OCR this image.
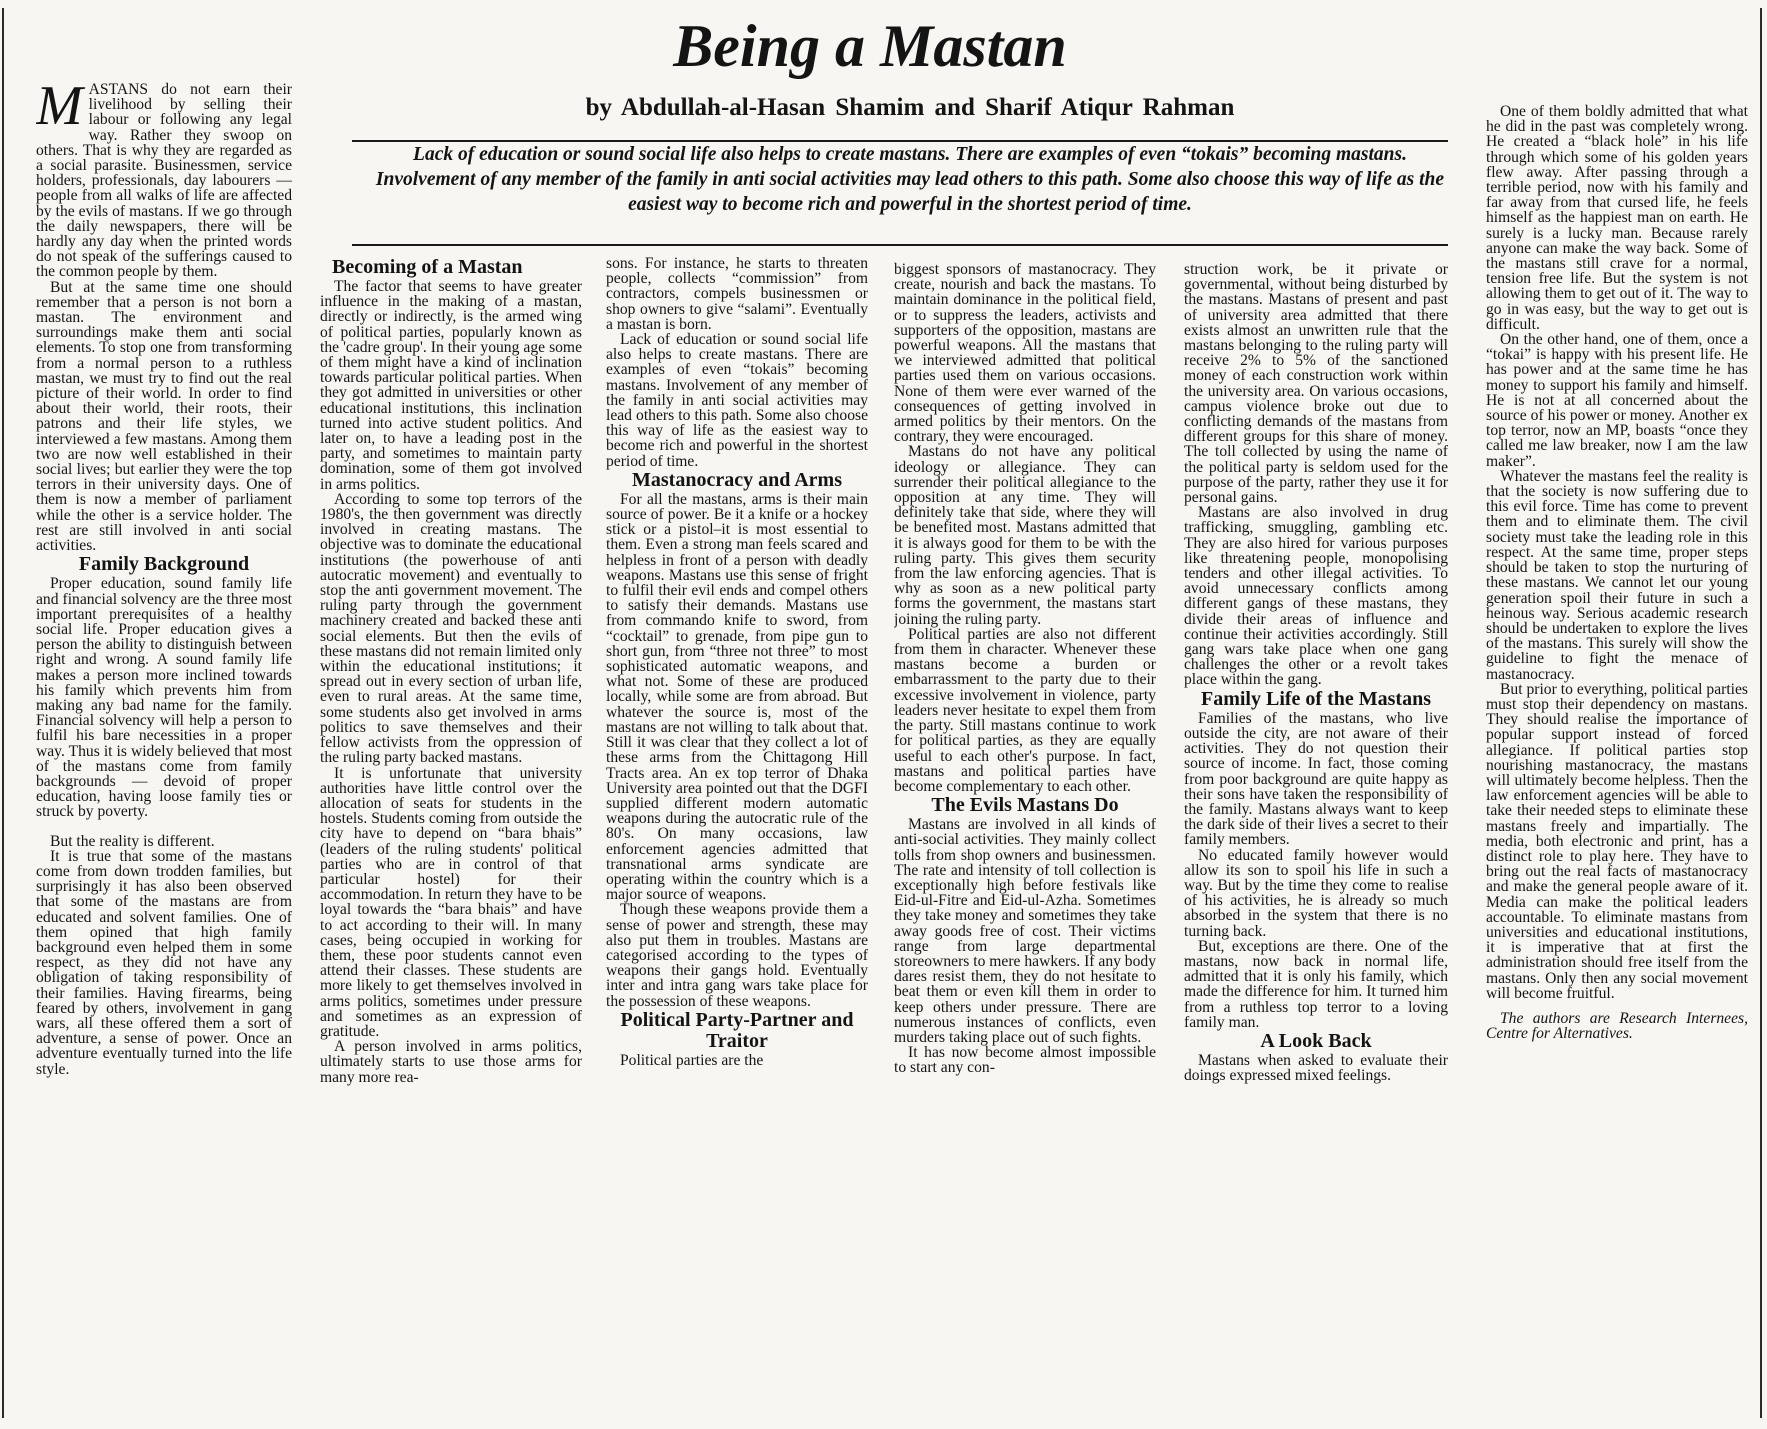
Being a Mastan
by Abdullah-al-Hasan Shamim and Sharif Atiqur Rahman

Lack of education or sound social life also helps to create mastans. There are examples of even “tokais” becoming mastans. Involvement of any member of the family in anti social activities may lead others to this path. Some also choose this way of life as the easiest way to become rich and powerful in the shortest period of time.

M ASTANS do not earn their livelihood by selling their labour or following any legal way. Rather they swoop on others. That is why they are regarded as a social parasite. Businessmen, service holders, professionals, day labourers — people from all walks of life are affected by the evils of mastans. If we go through the daily newspapers, there will be hardly any day when the printed words do not speak of the sufferings caused to the common people by them.

But at the same time one should remember that a person is not born a mastan. The environment and surroundings make them anti social elements. To stop one from transforming from a normal person to a ruthless mastan, we must try to find out the real picture of their world. In order to find about their world, their roots, their patrons and their life styles, we interviewed a few mastans. Among them two are now well established in their social lives; but earlier they were the top terrors in their university days. One of them is now a member of parliament while the other is a service holder. The rest are still involved in anti social activities.

Family Background

Proper education, sound family life and financial solvency are the three most important prerequisites of a healthy social life. Proper education gives a person the ability to distinguish between right and wrong. A sound family life makes a person more inclined towards his family which prevents him from making any bad name for the family. Financial solvency will help a person to fulfil his bare necessities in a proper way. Thus it is widely believed that most of the mastans come from family backgrounds — devoid of proper education, having loose family ties or struck by poverty.

But the reality is different.

It is true that some of the mastans come from down trodden families, but surprisingly it has also been observed that some of the mastans are from educated and solvent families. One of them opined that high family background even helped them in some respect, as they did not have any obligation of taking responsibility of their families. Having firearms, being feared by others, involvement in gang wars, all these offered them a sort of adventure, a sense of power. Once an adventure eventually turned into the life style.

Becoming of a Mastan

The factor that seems to have greater influence in the making of a mastan, directly or indirectly, is the armed wing of political parties, popularly known as the 'cadre group'. In their young age some of them might have a kind of inclination towards particular political parties. When they got admitted in universities or other educational institutions, this inclination turned into active student politics. And later on, to have a leading post in the party, and sometimes to maintain party domination, some of them got involved in arms politics.

According to some top terrors of the 1980's, the then government was directly involved in creating mastans. The objective was to dominate the educational institutions (the powerhouse of anti autocratic movement) and eventually to stop the anti government movement. The ruling party through the government machinery created and backed these anti social elements. But then the evils of these mastans did not remain limited only within the educational institutions; it spread out in every section of urban life, even to rural areas. At the same time, some students also get involved in arms politics to save themselves and their fellow activists from the oppression of the ruling party backed mastans.

It is unfortunate that university authorities have little control over the allocation of seats for students in the hostels. Students coming from outside the city have to depend on “bara bhais” (leaders of the ruling students' political parties who are in control of that particular hostel) for their accommodation. In return they have to be loyal towards the “bara bhais” and have to act according to their will. In many cases, being occupied in working for them, these poor students cannot even attend their classes. These students are more likely to get themselves involved in arms politics, sometimes under pressure and sometimes as an expression of gratitude.

A person involved in arms politics, ultimately starts to use those arms for many more rea-

sons. For instance, he starts to threaten people, collects “commission” from contractors, compels businessmen or shop owners to give “salami”. Eventually a mastan is born.

Lack of education or sound social life also helps to create mastans. There are examples of even “tokais” becoming mastans. Involvement of any member of the family in anti social activities may lead others to this path. Some also choose this way of life as the easiest way to become rich and powerful in the shortest period of time.

Mastanocracy and Arms

For all the mastans, arms is their main source of power. Be it a knife or a hockey stick or a pistol–it is most essential to them. Even a strong man feels scared and helpless in front of a person with deadly weapons. Mastans use this sense of fright to fulfil their evil ends and compel others to satisfy their demands. Mastans use from commando knife to sword, from “cocktail” to grenade, from pipe gun to short gun, from “three not three” to most sophisticated automatic weapons, and what not. Some of these are produced locally, while some are from abroad. But whatever the source is, most of the mastans are not willing to talk about that. Still it was clear that they collect a lot of these arms from the Chittagong Hill Tracts area. An ex top terror of Dhaka University area pointed out that the DGFI supplied different modern automatic weapons during the autocratic rule of the 80's. On many occasions, law enforcement agencies admitted that transnational arms syndicate are operating within the country which is a major source of weapons.

Though these weapons provide them a sense of power and strength, these may also put them in troubles. Mastans are categorised according to the types of weapons their gangs hold. Eventually inter and intra gang wars take place for the possession of these weapons.

Political Party-Partner and Traitor

Political parties are the

biggest sponsors of mastanocracy. They create, nourish and back the mastans. To maintain dominance in the political field, or to suppress the leaders, activists and supporters of the opposition, mastans are powerful weapons. All the mastans that we interviewed admitted that political parties used them on various occasions. None of them were ever warned of the consequences of getting involved in armed politics by their mentors. On the contrary, they were encouraged.

Mastans do not have any political ideology or allegiance. They can surrender their political allegiance to the opposition at any time. They will definitely take that side, where they will be benefited most. Mastans admitted that it is always good for them to be with the ruling party. This gives them security from the law enforcing agencies. That is why as soon as a new political party forms the government, the mastans start joining the ruling party.

Political parties are also not different from them in character. Whenever these mastans become a burden or embarrassment to the party due to their excessive involvement in violence, party leaders never hesitate to expel them from the party. Still mastans continue to work for political parties, as they are equally useful to each other's purpose. In fact, mastans and political parties have become complementary to each other.

The Evils Mastans Do

Mastans are involved in all kinds of anti-social activities. They mainly collect tolls from shop owners and businessmen. The rate and intensity of toll collection is exceptionally high before festivals like Eid-ul-Fitre and Eid-ul-Azha. Sometimes they take money and sometimes they take away goods free of cost. Their victims range from large departmental storeowners to mere hawkers. If any body dares resist them, they do not hesitate to beat them or even kill them in order to keep others under pressure. There are numerous instances of conflicts, even murders taking place out of such fights.

It has now become almost impossible to start any con-

struction work, be it private or governmental, without being disturbed by the mastans. Mastans of present and past of university area admitted that there exists almost an unwritten rule that the mastans belonging to the ruling party will receive 2% to 5% of the sanctioned money of each construction work within the university area. On various occasions, campus violence broke out due to conflicting demands of the mastans from different groups for this share of money. The toll collected by using the name of the political party is seldom used for the purpose of the party, rather they use it for personal gains.

Mastans are also involved in drug trafficking, smuggling, gambling etc. They are also hired for various purposes like threatening people, monopolising tenders and other illegal activities. To avoid unnecessary conflicts among different gangs of these mastans, they divide their areas of influence and continue their activities accordingly. Still gang wars take place when one gang challenges the other or a revolt takes place within the gang.

Family Life of the Mastans

Families of the mastans, who live outside the city, are not aware of their activities. They do not question their source of income. In fact, those coming from poor background are quite happy as their sons have taken the responsibility of the family. Mastans always want to keep the dark side of their lives a secret to their family members.

No educated family however would allow its son to spoil his life in such a way. But by the time they come to realise of his activities, he is already so much absorbed in the system that there is no turning back.

But, exceptions are there. One of the mastans, now back in normal life, admitted that it is only his family, which made the difference for him. It turned him from a ruthless top terror to a loving family man.

A Look Back

Mastans when asked to evaluate their doings expressed mixed feelings.

One of them boldly admitted that what he did in the past was completely wrong. He created a “black hole” in his life through which some of his golden years flew away. After passing through a terrible period, now with his family and far away from that cursed life, he feels himself as the happiest man on earth. He surely is a lucky man. Because rarely anyone can make the way back. Some of the mastans still crave for a normal, tension free life. But the system is not allowing them to get out of it. The way to go in was easy, but the way to get out is difficult.

On the other hand, one of them, once a “tokai” is happy with his present life. He has power and at the same time he has money to support his family and himself. He is not at all concerned about the source of his power or money. Another ex top terror, now an MP, boasts “once they called me law breaker, now I am the law maker”.

Whatever the mastans feel the reality is that the society is now suffering due to this evil force. Time has come to prevent them and to eliminate them. The civil society must take the leading role in this respect. At the same time, proper steps should be taken to stop the nurturing of these mastans. We cannot let our young generation spoil their future in such a heinous way. Serious academic research should be undertaken to explore the lives of the mastans. This surely will show the guideline to fight the menace of mastanocracy.

But prior to everything, political parties must stop their dependency on mastans. They should realise the importance of popular support instead of forced allegiance. If political parties stop nourishing mastanocracy, the mastans will ultimately become helpless. Then the law enforcement agencies will be able to take their needed steps to eliminate these mastans freely and impartially. The media, both electronic and print, has a distinct role to play here. They have to bring out the real facts of mastanocracy and make the general people aware of it. Media can make the political leaders accountable. To eliminate mastans from universities and educational institutions, it is imperative that at first the administration should free itself from the mastans. Only then any social movement will become fruitful.

The authors are Research Internees, Centre for Alternatives.
